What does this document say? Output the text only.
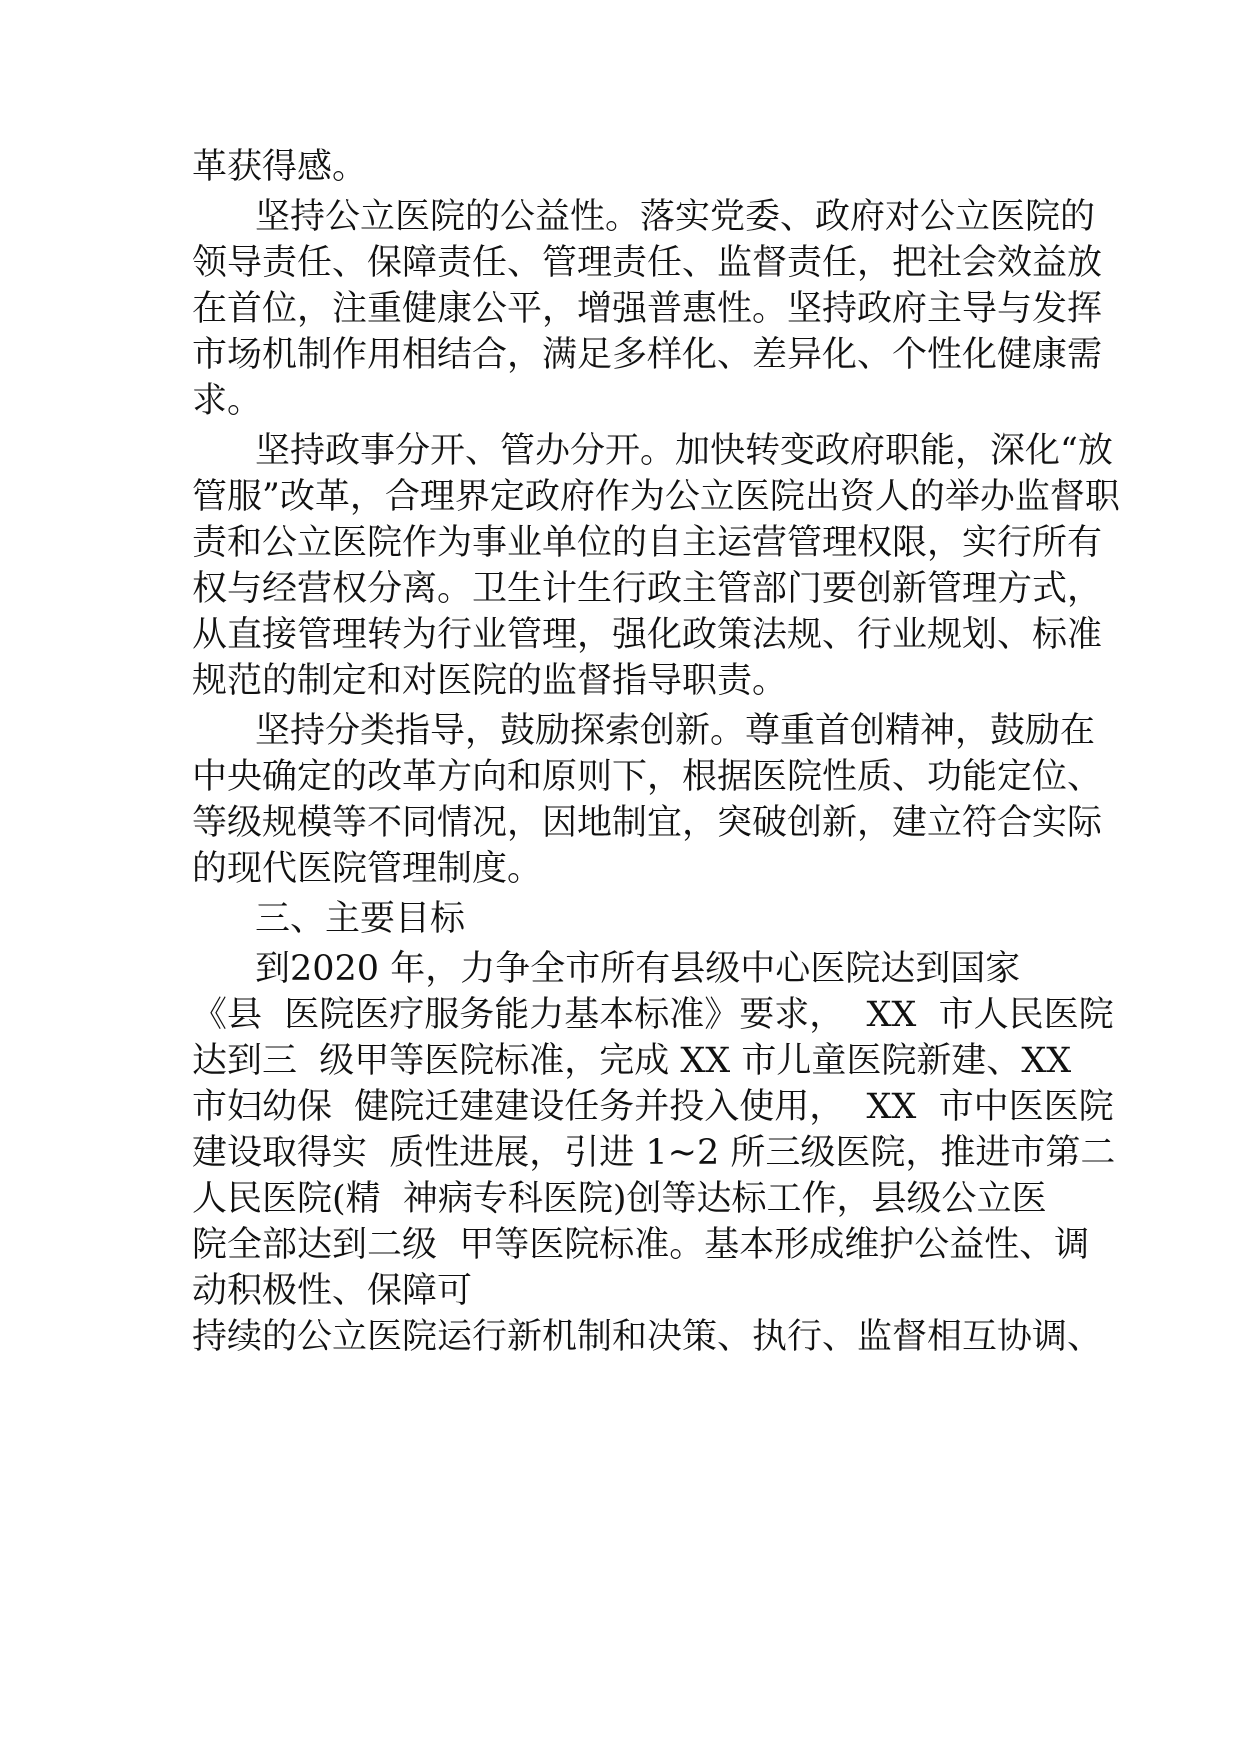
革获得感。

坚持公立医院的公益性。落实党委、政府对公立医院的

领导责任、保障责任、管理责任、监督责任，把社会效益放

在首位，注重健康公平，增强普惠性。坚持政府主导与发挥

市场机制作用相结合，满足多样化、差异化、个性化健康需

求。

坚持政事分开、管办分开。加快转变政府职能，深化“放

管服”改革，合理界定政府作为公立医院出资人的举办监督职

责和公立医院作为事业单位的自主运营管理权限，实行所有

权与经营权分离。卫生计生行政主管部门要创新管理方式，

从直接管理转为行业管理，强化政策法规、行业规划、标准

规范的制定和对医院的监督指导职责。

坚持分类指导，鼓励探索创新。尊重首创精神，鼓励在

中央确定的改革方向和原则下，根据医院性质、功能定位、

等级规模等不同情况，因地制宜，突破创新，建立符合实际

的现代医院管理制度。

三、主要目标

到2020 年，力争全市所有县级中心医院达到国家

《县  医院医疗服务能力基本标准》要求，  XX  市人民医院

达到三  级甲等医院标准，完成 XX 市儿童医院新建、XX

市妇幼保  健院迁建建设任务并投入使用，  XX  市中医医院

建设取得实  质性进展，引进 1~2 所三级医院，推进市第二

人民医院(精  神病专科医院)创等达标工作，县级公立医

院全部达到二级  甲等医院标准。基本形成维护公益性、调

动积极性、保障可

持续的公立医院运行新机制和决策、执行、监督相互协调、
